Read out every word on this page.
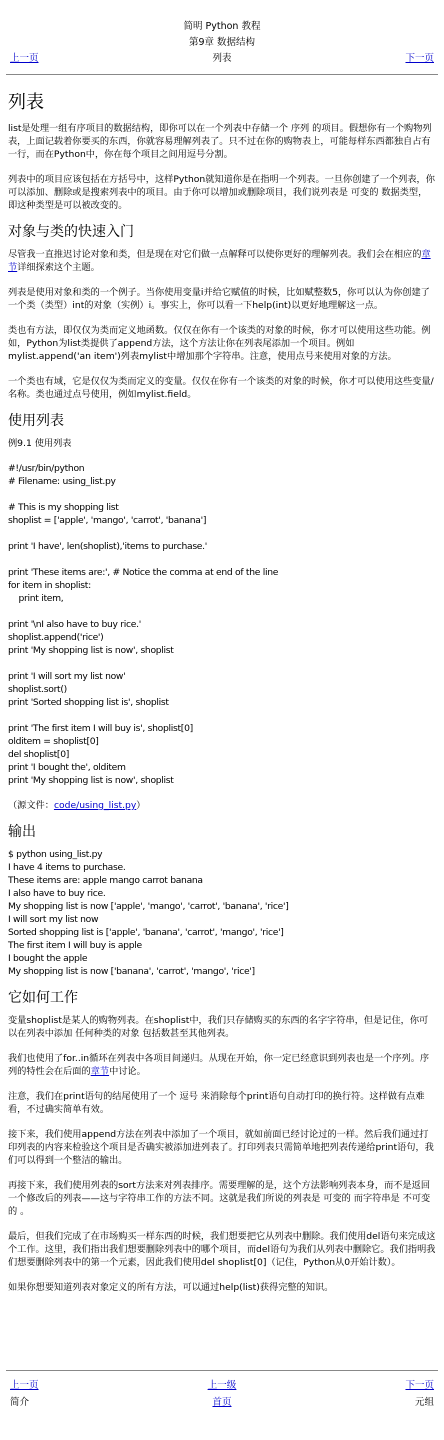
简明 Python 教程
第9章 数据结构
列表
上一页	下一页
列表

list是处理一组有序项目的数据结构，即你可以在一个列表中存储一个 序列 的项目。假想你有一个购物列表，上面记载着你要买的东西，你就容易理解列表了。只不过在你的购物表上，可能每样东西都独自占有一行，而在Python中，你在每个项目之间用逗号分割。

列表中的项目应该包括在方括号中，这样Python就知道你是在指明一个列表。一旦你创建了一个列表，你可以添加、删除或是搜索列表中的项目。由于你可以增加或删除项目，我们说列表是 可变的 数据类型，即这种类型是可以被改变的。

对象与类的快速入门

尽管我一直推迟讨论对象和类，但是现在对它们做一点解释可以使你更好的理解列表。我们会在相应的章节详细探索这个主题。

列表是使用对象和类的一个例子。当你使用变量i并给它赋值的时候，比如赋整数5，你可以认为你创建了一个类（类型）int的对象（实例）i。事实上，你可以看一下help(int)以更好地理解这一点。

类也有方法，即仅仅为类而定义地函数。仅仅在你有一个该类的对象的时候，你才可以使用这些功能。例如，Python为list类提供了append方法，这个方法让你在列表尾添加一个项目。例如mylist.append('an item')列表mylist中增加那个字符串。注意，使用点号来使用对象的方法。

一个类也有域，它是仅仅为类而定义的变量。仅仅在你有一个该类的对象的时候，你才可以使用这些变量/名称。类也通过点号使用，例如mylist.field。

使用列表

例9.1 使用列表

#!/usr/bin/python
# Filename: using_list.py
# This is my shopping list
shoplist = ['apple', 'mango', 'carrot', 'banana']
print 'I have', len(shoplist),'items to purchase.'
print 'These items are:', # Notice the comma at end of the line
for item in shoplist:
print item,
print '\nI also have to buy rice.'
shoplist.append('rice')
print 'My shopping list is now', shoplist
print 'I will sort my list now'
shoplist.sort()
print 'Sorted shopping list is', shoplist
print 'The first item I will buy is', shoplist[0]
olditem = shoplist[0]
del shoplist[0]
print 'I bought the', olditem
print 'My shopping list is now', shoplist

（源文件：code/using_list.py）

输出
$ python using_list.py
I have 4 items to purchase.
These items are: apple mango carrot banana
I also have to buy rice.
My shopping list is now ['apple', 'mango', 'carrot', 'banana', 'rice']
I will sort my list now
Sorted shopping list is ['apple', 'banana', 'carrot', 'mango', 'rice']
The first item I will buy is apple
I bought the apple
My shopping list is now ['banana', 'carrot', 'mango', 'rice']
它如何工作

变量shoplist是某人的购物列表。在shoplist中，我们只存储购买的东西的名字字符串，但是记住，你可以在列表中添加 任何种类的对象 包括数甚至其他列表。

我们也使用了for..in循环在列表中各项目间递归。从现在开始，你一定已经意识到列表也是一个序列。序列的特性会在后面的章节中讨论。

注意，我们在print语句的结尾使用了一个 逗号 来消除每个print语句自动打印的换行符。这样做有点难看，不过确实简单有效。

接下来，我们使用append方法在列表中添加了一个项目，就如前面已经讨论过的一样。然后我们通过打印列表的内容来检验这个项目是否确实被添加进列表了。打印列表只需简单地把列表传递给print语句，我们可以得到一个整洁的输出。

再接下来，我们使用列表的sort方法来对列表排序。需要理解的是，这个方法影响列表本身，而不是返回一个修改后的列表——这与字符串工作的方法不同。这就是我们所说的列表是 可变的 而字符串是 不可变的 。

最后，但我们完成了在市场购买一样东西的时候，我们想要把它从列表中删除。我们使用del语句来完成这个工作。这里，我们指出我们想要删除列表中的哪个项目，而del语句为我们从列表中删除它。我们指明我们想要删除列表中的第一个元素，因此我们使用del shoplist[0]（记住，Python从0开始计数）。

如果你想要知道列表对象定义的所有方法，可以通过help(list)获得完整的知识。

上一页	上一级	下一页
简介	首页	元组
